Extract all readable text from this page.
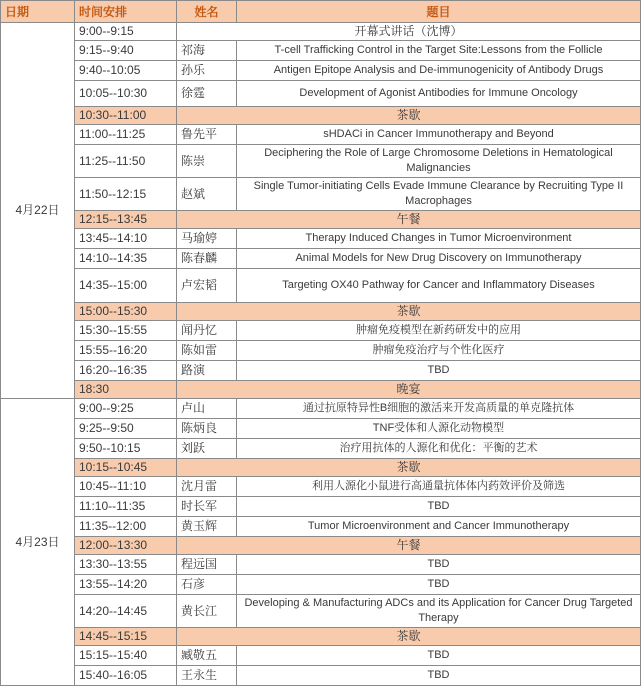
日期	时间安排	姓名	题目
4月22日	9:00--9:15	开幕式讲话（沈博）	
	9:15--9:40	祁海	T-cell Trafficking Control in the Target Site:Lessons from the Follicle
	9:40--10:05	孙乐	Antigen Epitope Analysis and De-immunogenicity of Antibody Drugs
	10:05--10:30	徐霆	Development of Agonist Antibodies for Immune Oncology
	10:30--11:00	茶歇	
	11:00--11:25	鲁先平	sHDACi in Cancer Immunotherapy and Beyond
	11:25--11:50	陈崇	Deciphering the Role of Large Chromosome Deletions in Hematological Malignancies
	11:50--12:15	赵斌	Single Tumor-initiating Cells Evade Immune Clearance by Recruiting Type II Macrophages
	12:15--13:45	午餐	
	13:45--14:10	马瑜婷	Therapy Induced Changes in Tumor Microenvironment
	14:10--14:35	陈春麟	Animal Models for New Drug Discovery on Immunotherapy
	14:35--15:00	卢宏韬	Targeting OX40 Pathway for Cancer and Inflammatory Diseases
	15:00--15:30	茶歇	
	15:30--15:55	闻丹忆	肿瘤免疫模型在新药研发中的应用
	15:55--16:20	陈如雷	肿瘤免疫治疗与个性化医疗
	16:20--16:35	路演	TBD
	18:30	晚宴	
4月23日	9:00--9:25	卢山	通过抗原特异性B细胞的激活来开发高质量的单克隆抗体
	9:25--9:50	陈炳良	TNF受体和人源化动物模型
	9:50--10:15	刘跃	治疗用抗体的人源化和优化：平衡的艺术
	10:15--10:45	茶歇	
	10:45--11:10	沈月雷	利用人源化小鼠进行高通量抗体体内药效评价及筛选
	11:10--11:35	时长军	TBD
	11:35--12:00	黄玉辉	Tumor Microenvironment and Cancer Immunotherapy
	12:00--13:30	午餐	
	13:30--13:55	程远国	TBD
	13:55--14:20	石彦	TBD
	14:20--14:45	黄长江	Developing & Manufacturing ADCs and its Application for Cancer Drug Targeted Therapy
	14:45--15:15	茶歇	
	15:15--15:40	臧敬五	TBD
	15:40--16:05	王永生	TBD
